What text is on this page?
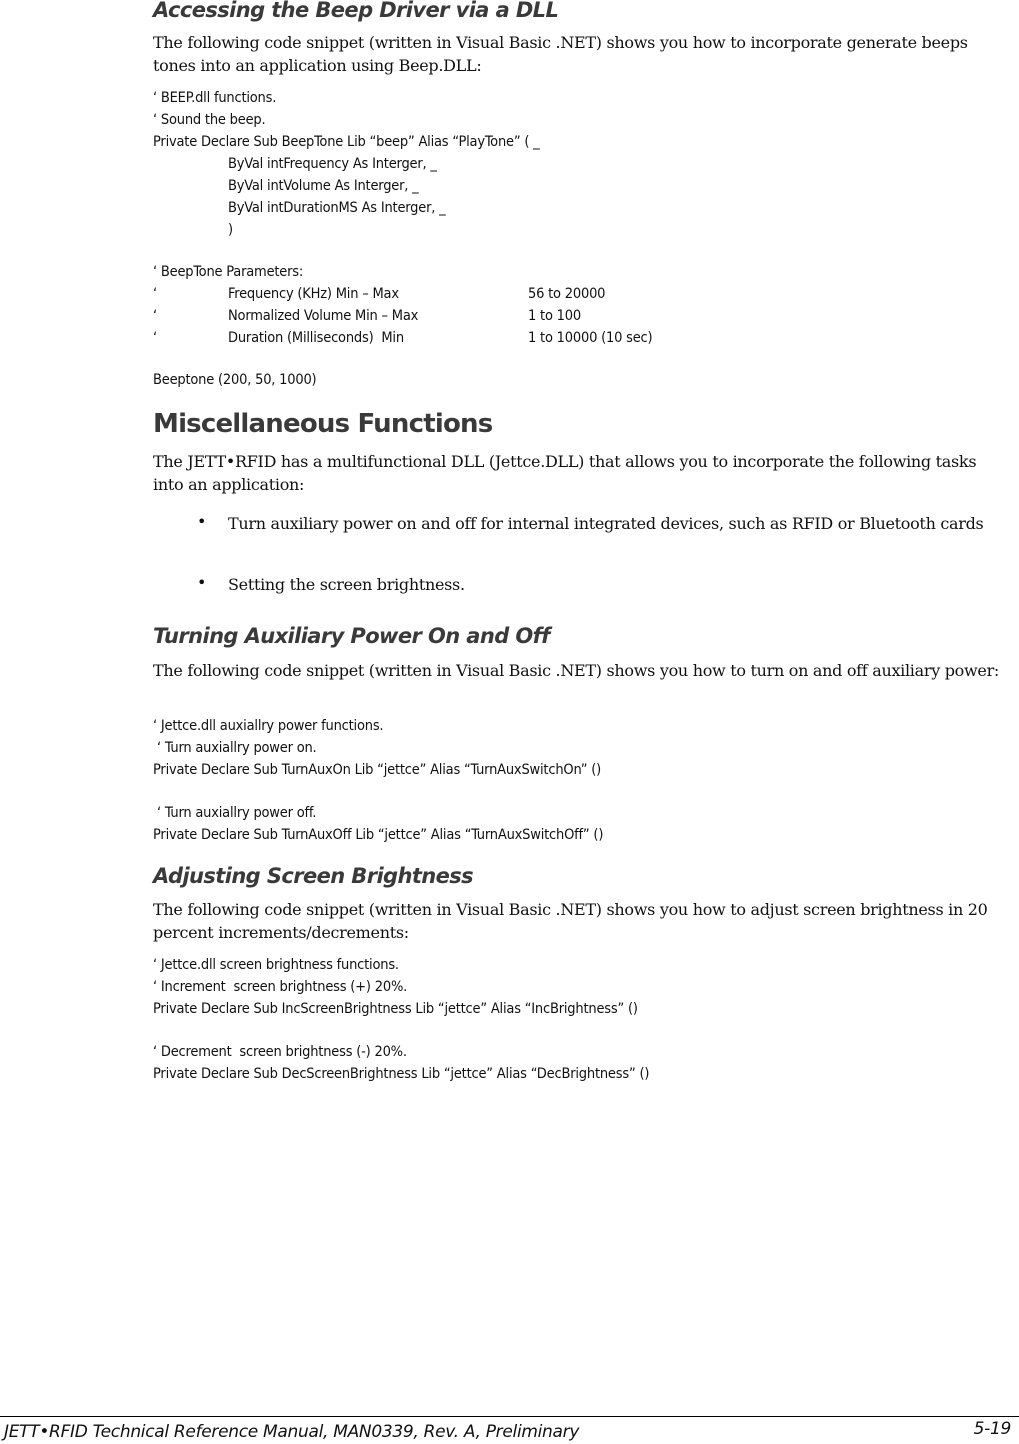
Accessing the Beep Driver via a DLL
The following code snippet (written in Visual Basic .NET) shows you how to incorporate generate beeps tones into an application using Beep.DLL:
‘ BEEP.dll functions.
‘ Sound the beep.
Private Declare Sub BeepTone Lib “beep” Alias “PlayTone” ( _
ByVal intFrequency As Interger, _
ByVal intVolume As Interger, _
ByVal intDurationMS As Interger, _
)
‘ BeepTone Parameters:
‘	Frequency (KHz) Min – Max	56 to 20000
‘	Normalized Volume Min – Max	1 to 100
‘	Duration (Milliseconds)  Min	1 to 10000 (10 sec)
Beeptone (200, 50, 1000)
Miscellaneous Functions
The JETT•RFID has a multifunctional DLL (Jettce.DLL) that allows you to incorporate the following tasks into an application:
• Turn auxiliary power on and off for internal integrated devices, such as RFID or Bluetooth cards
• Setting the screen brightness.
Turning Auxiliary Power On and Off
The following code snippet (written in Visual Basic .NET) shows you how to turn on and off auxiliary power:
‘ Jettce.dll auxiallry power functions.
‘ Turn auxiallry power on.
Private Declare Sub TurnAuxOn Lib “jettce” Alias “TurnAuxSwitchOn” ()
‘ Turn auxiallry power off.
Private Declare Sub TurnAuxOff Lib “jettce” Alias “TurnAuxSwitchOff” ()
Adjusting Screen Brightness
The following code snippet (written in Visual Basic .NET) shows you how to adjust screen brightness in 20 percent increments/decrements:
‘ Jettce.dll screen brightness functions.
‘ Increment  screen brightness (+) 20%.
Private Declare Sub IncScreenBrightness Lib “jettce” Alias “IncBrightness” ()
‘ Decrement  screen brightness (-) 20%.
Private Declare Sub DecScreenBrightness Lib “jettce” Alias “DecBrightness” ()
JETT•RFID Technical Reference Manual, MAN0339, Rev. A, Preliminary	5-19
